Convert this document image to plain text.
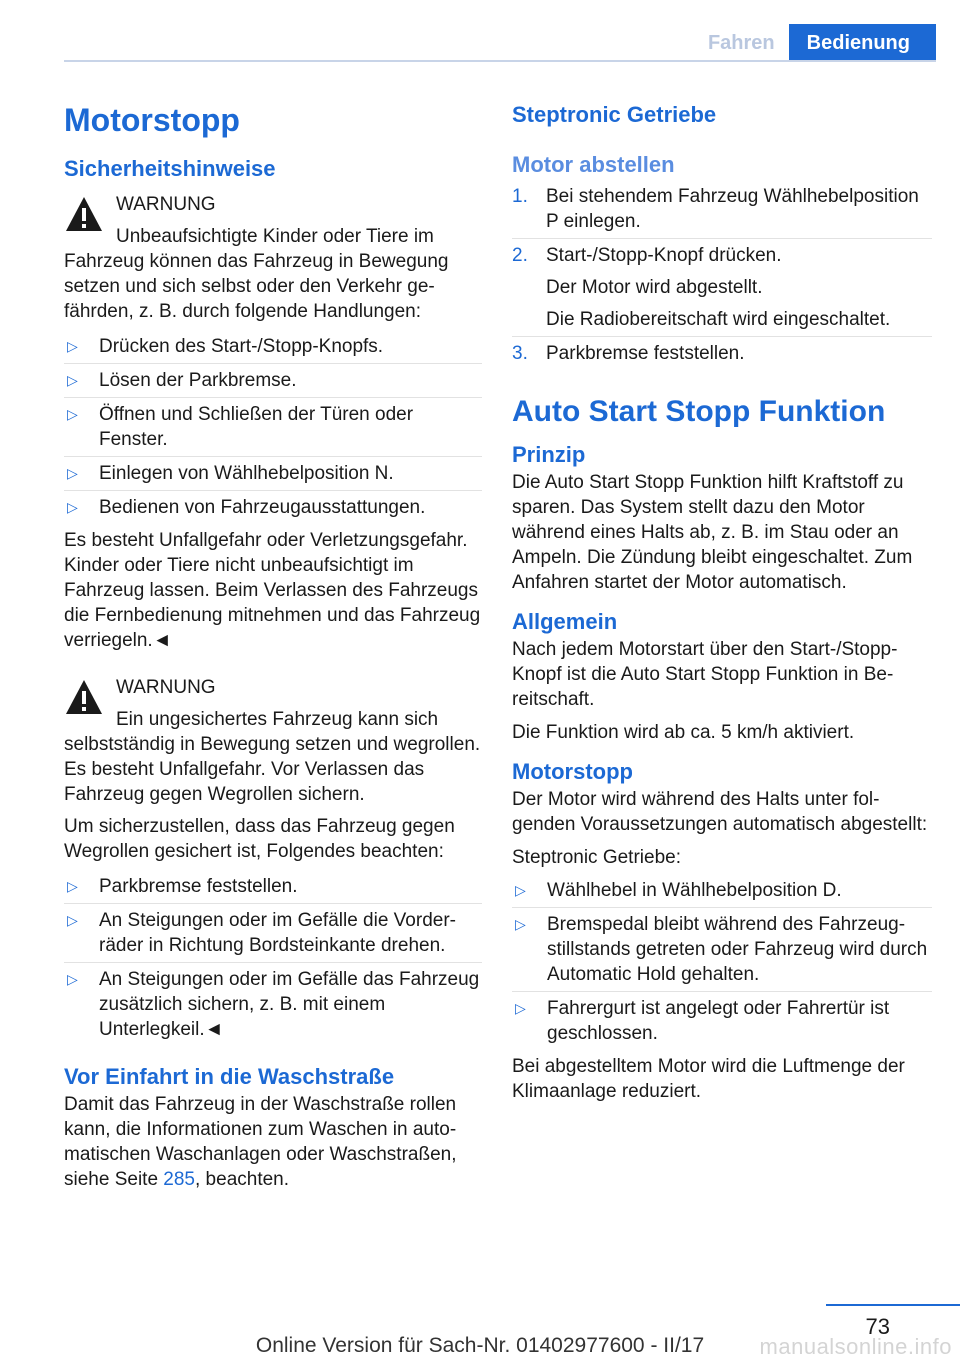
Fahren	Bedienung
Motorstopp
Sicherheitshinweise
WARNUNG

Unbeaufsichtigte Kinder oder Tiere im Fahrzeug können das Fahrzeug in Bewegung setzen und sich selbst oder den Verkehr gefährden, z. B. durch folgende Handlungen:

▷ Drücken des Start-/Stopp-Knopfs.
▷ Lösen der Parkbremse.
▷ Öffnen und Schließen der Türen oder Fenster.
▷ Einlegen von Wählhebelposition N.
▷ Bedienen von Fahrzeugausstattungen.

Es besteht Unfallgefahr oder Verletzungsgefahr. Kinder oder Tiere nicht unbeaufsichtigt im Fahrzeug lassen. Beim Verlassen des Fahrzeugs die Fernbedienung mitnehmen und das Fahrzeug verriegeln.◄

WARNUNG

Ein ungesichertes Fahrzeug kann sich selbstständig in Bewegung setzen und wegrollen. Es besteht Unfallgefahr. Vor Verlassen das Fahrzeug gegen Wegrollen sichern.

Um sicherzustellen, dass das Fahrzeug gegen Wegrollen gesichert ist, Folgendes beachten:

▷ Parkbremse feststellen.
▷ An Steigungen oder im Gefälle die Vorderräder in Richtung Bordsteinkante drehen.
▷ An Steigungen oder im Gefälle das Fahrzeug zusätzlich sichern, z. B. mit einem Unterlegkeil.◄
Vor Einfahrt in die Waschstraße

Damit das Fahrzeug in der Waschstraße rollen kann, die Informationen zum Waschen in automatischen Waschanlagen oder Waschstraßen, siehe Seite 285, beachten.

Steptronic Getriebe
Motor abstellen
1. Bei stehendem Fahrzeug Wählhebelposition P einlegen.
2. Start-/Stopp-Knopf drücken.
Der Motor wird abgestellt.
Die Radiobereitschaft wird eingeschaltet.
3. Parkbremse feststellen.
Auto Start Stopp Funktion
Prinzip

Die Auto Start Stopp Funktion hilft Kraftstoff zu sparen. Das System stellt dazu den Motor während eines Halts ab, z. B. im Stau oder an Ampeln. Die Zündung bleibt eingeschaltet. Zum Anfahren startet der Motor automatisch.

Allgemein

Nach jedem Motorstart über den Start-/Stopp-Knopf ist die Auto Start Stopp Funktion in Bereitschaft.

Die Funktion wird ab ca. 5 km/h aktiviert.

Motorstopp

Der Motor wird während des Halts unter folgenden Voraussetzungen automatisch abgestellt:

Steptronic Getriebe:

▷ Wählhebel in Wählhebelposition D.
▷ Bremspedal bleibt während des Fahrzeugstillstands getreten oder Fahrzeug wird durch Automatic Hold gehalten.
▷ Fahrergurt ist angelegt oder Fahrertür ist geschlossen.

Bei abgestelltem Motor wird die Luftmenge der Klimaanlage reduziert.

73
Online Version für Sach-Nr. 01402977600 - II/17	manualsonline.info
